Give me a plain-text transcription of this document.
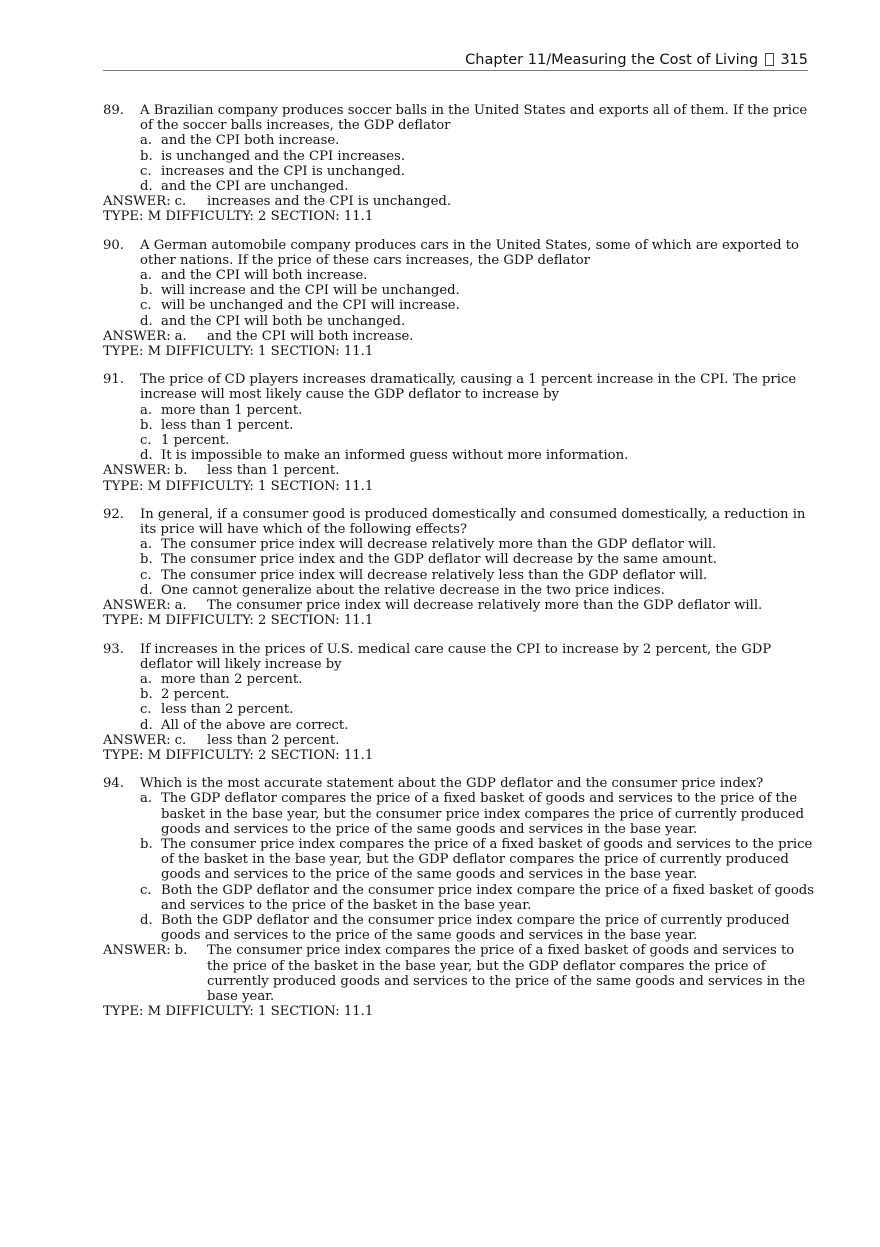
Chapter 11/Measuring the Cost of Living 315
89. A Brazilian company produces soccer balls in the United States and exports all of them. If the price of the soccer balls increases, the GDP deflator
a. and the CPI both increase.
b. is unchanged and the CPI increases.
c. increases and the CPI is unchanged.
d. and the CPI are unchanged.
ANSWER: c. increases and the CPI is unchanged.
TYPE: M DIFFICULTY: 2 SECTION: 11.1
90. A German automobile company produces cars in the United States, some of which are exported to other nations. If the price of these cars increases, the GDP deflator
a. and the CPI will both increase.
b. will increase and the CPI will be unchanged.
c. will be unchanged and the CPI will increase.
d. and the CPI will both be unchanged.
ANSWER: a. and the CPI will both increase.
TYPE: M DIFFICULTY: 1 SECTION: 11.1
91. The price of CD players increases dramatically, causing a 1 percent increase in the CPI. The price increase will most likely cause the GDP deflator to increase by
a. more than 1 percent.
b. less than 1 percent.
c. 1 percent.
d. It is impossible to make an informed guess without more information.
ANSWER: b. less than 1 percent.
TYPE: M DIFFICULTY: 1 SECTION: 11.1
92. In general, if a consumer good is produced domestically and consumed domestically, a reduction in its price will have which of the following effects?
a. The consumer price index will decrease relatively more than the GDP deflator will.
b. The consumer price index and the GDP deflator will decrease by the same amount.
c. The consumer price index will decrease relatively less than the GDP deflator will.
d. One cannot generalize about the relative decrease in the two price indices.
ANSWER: a. The consumer price index will decrease relatively more than the GDP deflator will.
TYPE: M DIFFICULTY: 2 SECTION: 11.1
93. If increases in the prices of U.S. medical care cause the CPI to increase by 2 percent, the GDP deflator will likely increase by
a. more than 2 percent.
b. 2 percent.
c. less than 2 percent.
d. All of the above are correct.
ANSWER: c. less than 2 percent.
TYPE: M DIFFICULTY: 2 SECTION: 11.1
94. Which is the most accurate statement about the GDP deflator and the consumer price index?
a. The GDP deflator compares the price of a fixed basket of goods and services to the price of the basket in the base year, but the consumer price index compares the price of currently produced goods and services to the price of the same goods and services in the base year.
b. The consumer price index compares the price of a fixed basket of goods and services to the price of the basket in the base year, but the GDP deflator compares the price of currently produced goods and services to the price of the same goods and services in the base year.
c. Both the GDP deflator and the consumer price index compare the price of a fixed basket of goods and services to the price of the basket in the base year.
d. Both the GDP deflator and the consumer price index compare the price of currently produced goods and services to the price of the same goods and services in the base year.
ANSWER: b. The consumer price index compares the price of a fixed basket of goods and services to the price of the basket in the base year, but the GDP deflator compares the price of currently produced goods and services to the price of the same goods and services in the base year.
TYPE: M DIFFICULTY: 1 SECTION: 11.1
